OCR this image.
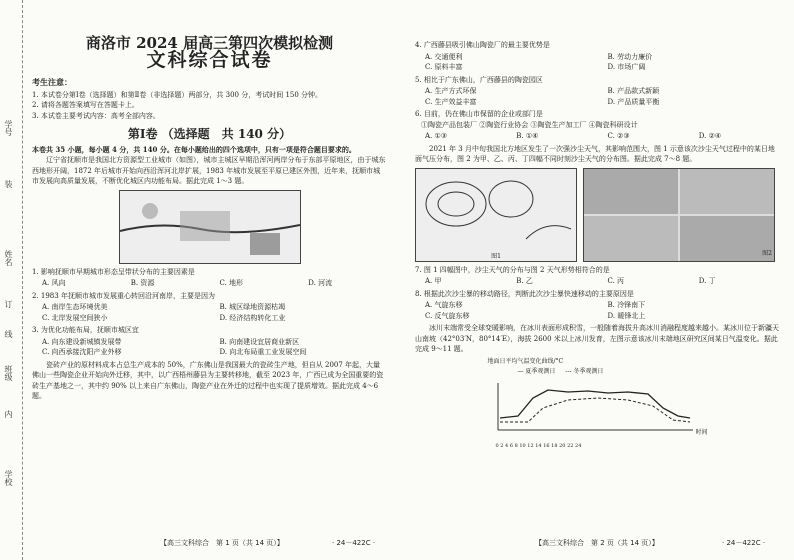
学号
装
姓名
订
线
班级
内
学校
商洛市 2024 届高三第四次模拟检测
文科综合试卷
考生注意：
1. 本试卷分第Ⅰ卷（选择题）和第Ⅱ卷（非选择题）两部分，共 300 分，考试时间 150 分钟。
2. 请将各题答案填写在答题卡上。
3. 本试卷主要考试内容：高考全部内容。
第Ⅰ卷 （选择题　共 140 分）
本卷共 35 小题，每小题 4 分，共 140 分。在每小题给出的四个选项中，只有一项是符合题目要求的。
辽宁省抚顺市是我国北方资源型工业城市（如图），城市主城区早期沿浑河两岸分布于东部平原地区，由于城东西地形开阔，1872 年后城市开始向西沿浑河北岸扩展，1983 年城市发展至平原已建区外围，近年来，抚顺市城市发展向高质量发展，不断优化城区内功能布局。据此完成 1～3 题。
1. 影响抚顺市早期城市形态呈带状分布的主要因素是
A. 风向	B. 资源	C. 地形	D. 河流
2. 1983 年抚顺市城市发展重心转回沿河南岸，主要是因为
A. 南岸生态环境优美	B. 城区绿地资源枯竭
C. 北岸发展空间狭小	D. 经济结构转化工业
3. 为优化功能布局，抚顺市城区宜
A. 向东建设新城镇发展带	B. 向南建设宜居商业新区
C. 向西承接沈阳产业外移	D. 向北布局重工业发展空间
瓷砖产业的原材料成本占总生产成本的 50%，广东佛山是我国最大的瓷砖生产地，但自从 2007 年起，大量佛山一些陶瓷企业开始向外迁移，其中，以广西梧州藤县为主要转移地，截至 2023 年，广西已成为全国重要的瓷砖生产基地之一，其中约 90% 以上来自广东佛山，陶瓷产业在外迁的过程中也实现了提质增效。据此完成 4～6 题。
4. 广西藤县吸引佛山陶瓷厂的最主要优势是
A. 交通便利	B. 劳动力廉价
C. 原料丰富	D. 市场广阔
5. 相比于广东佛山，广西藤县的陶瓷园区
A. 生产方式环保	B. 产品款式新颖
C. 生产效益丰富	D. 产品质量平衡
6. 目前，仍在佛山市保留的企业或部门是
①陶瓷产品包装厂 ②陶瓷行业协会 ③陶瓷生产加工厂 ④陶瓷科研设计
A. ①③	B. ①④	C. ②③	D. ②④
2021 年 3 月中旬我国北方地区发生了一次强沙尘天气，其影响范围大，图 1 示意该次沙尘天气过程中的某日地面气压分布，图 2 为甲、乙、丙、丁四幅不同时刻沙尘天气的分布图。据此完成 7～8 题。
图1	图2
7. 图 1 四幅图中，沙尘天气的分布与图 2 天气形势相符合的是
A. 甲	B. 乙	C. 丙	D. 丁
8. 根据此次沙尘暴的移动路径，判断此次沙尘暴快速移动的主要原因是
A. 气旋东移	B. 冷锋南下
C. 反气旋东移	D. 暖锋北上
冰川末端常受全球变暖影响，在冰川表面形成积雪，一般随着海拔升高冰川消融程度越来越小。某冰川位于新疆天山南坡（42°03′N，80°14′E），海拔 2600 米以上冰川发育，左图示意该冰川末端地区研究区间某日气温变化。据此完成 9～11 题。
地面日平均气温变化曲线/°C
— 夏季观测日 --- 冬季观测日
0 2 4 6 8 10 12 14 16 18 20 22 24
时间
【高三文科综合　第 1 页（共 14 页）】	· 24－422C ·	【高三文科综合　第 2 页（共 14 页）】	· 24－422C ·
